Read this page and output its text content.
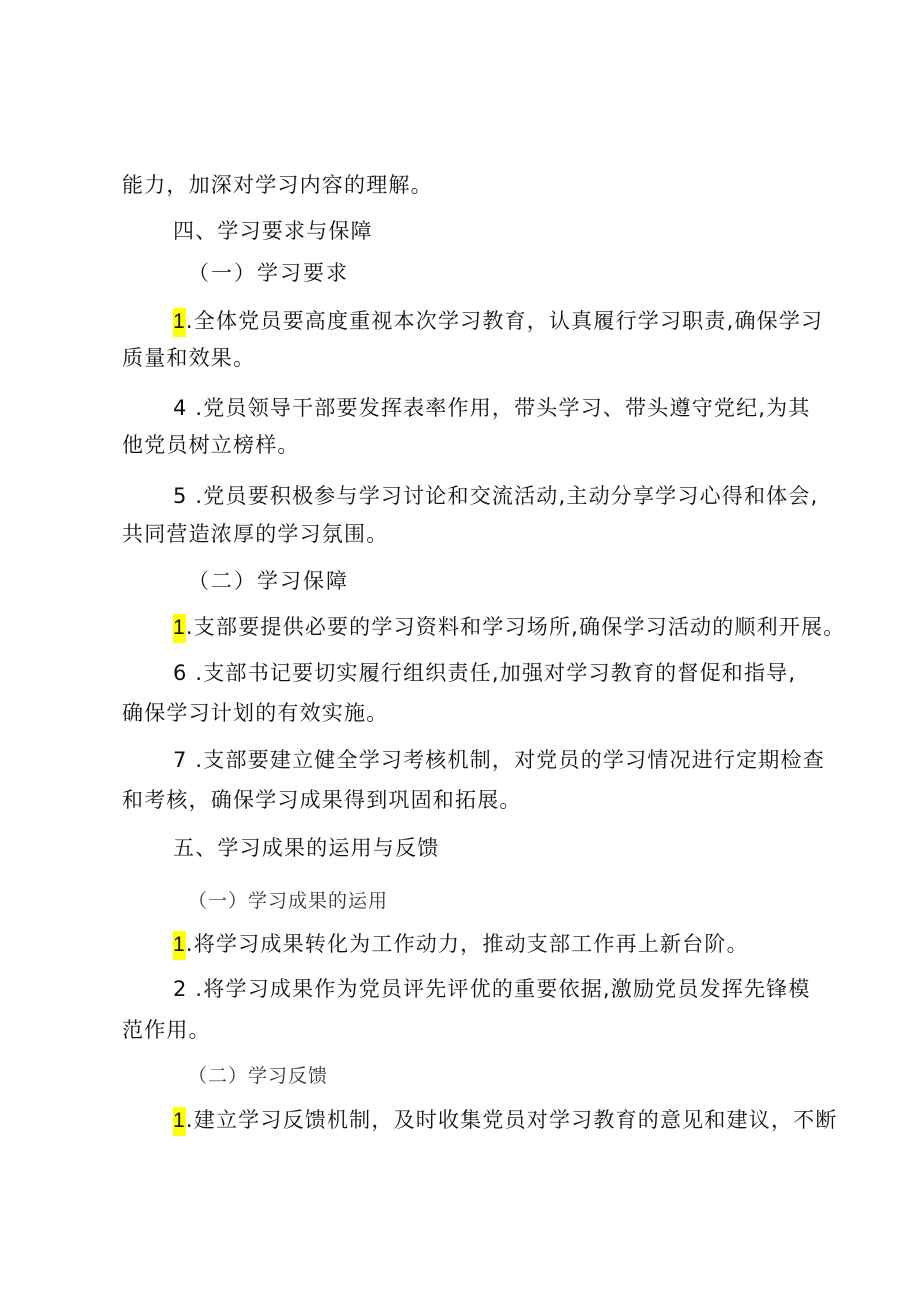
能力，加深对学习内容的理解。
四、学习要求与保障
（一）学习要求
1.全体党员要高度重视本次学习教育，认真履行学习职责,确保学习
质量和效果。
4 .党员领导干部要发挥表率作用，带头学习、带头遵守党纪,为其
他党员树立榜样。
5 .党员要积极参与学习讨论和交流活动,主动分享学习心得和体会,
共同营造浓厚的学习氛围。
（二）学习保障
1.支部要提供必要的学习资料和学习场所,确保学习活动的顺利开展。
6 .支部书记要切实履行组织责任,加强对学习教育的督促和指导,
确保学习计划的有效实施。
7 .支部要建立健全学习考核机制，对党员的学习情况进行定期检查
和考核，确保学习成果得到巩固和拓展。
五、学习成果的运用与反馈
（一）学习成果的运用
1.将学习成果转化为工作动力，推动支部工作再上新台阶。
2 .将学习成果作为党员评先评优的重要依据,激励党员发挥先锋模
范作用。
（二）学习反馈
1.建立学习反馈机制，及时收集党员对学习教育的意见和建议，不断
